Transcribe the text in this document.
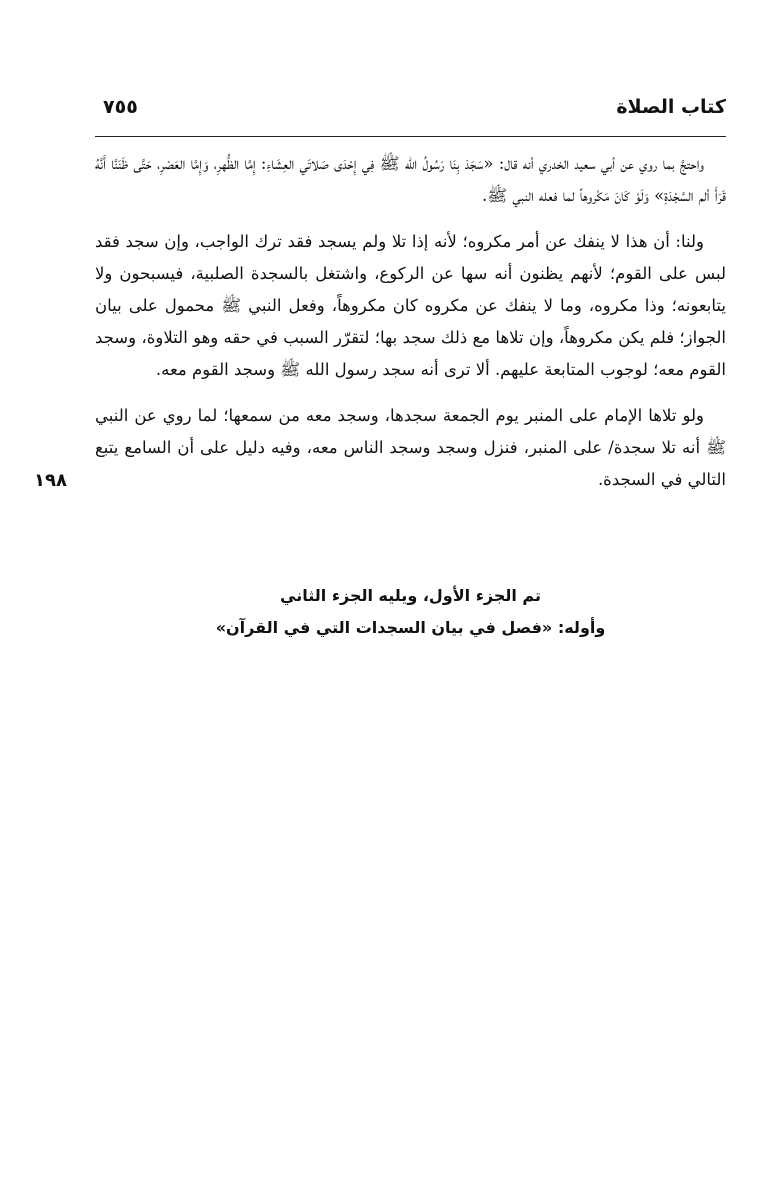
كتاب الصلاة
٧٥٥

واحتجَّ بما روي عن أبي سعيد الخدري أنه قال: «سَجَدَ بِنَا رَسُولُ الله ﷺ فِي إِحْدَى صَلاتَي العِشَاءِ: إِمَّا الظُّهرِ، وَإِمَّا العَصْرِ، حَتَّى ظَنَنَّا أَنَّهُ قَرَأَ ألم السَّجْدَةِ» وَلَوْ كَانَ مَكْروهاً لما فعله النبي ﷺ.

ولنا: أن هذا لا ينفك عن أمر مكروه؛ لأنه إذا تلا ولم يسجد فقد ترك الواجب، وإن سجد فقد لبس على القوم؛ لأنهم يظنون أنه سها عن الركوع، واشتغل بالسجدة الصلبية، فيسبحون ولا يتابعونه؛ وذا مكروه، وما لا ينفك عن مكروه كان مكروهاً، وفعل النبي ﷺ محمول على بيان الجواز؛ فلم يكن مكروهاً، وإن تلاها مع ذلك سجد بها؛ لتقرّر السبب في حقه وهو التلاوة، وسجد القوم معه؛ لوجوب المتابعة عليهم. ألا ترى أنه سجد رسول الله ﷺ وسجد القوم معه.

ولو تلاها الإمام على المنبر يوم الجمعة سجدها، وسجد معه من سمعها؛ لما روي عن النبي ﷺ أنه تلا سجدة/ على المنبر، فنزل وسجد وسجد الناس معه، وفيه دليل على أن السامع يتبع التالي في السجدة.

١٩٨
تم الجزء الأول، ويليه الجزء الثاني
وأوله: «فصل في بيان السجدات التي في القرآن»
